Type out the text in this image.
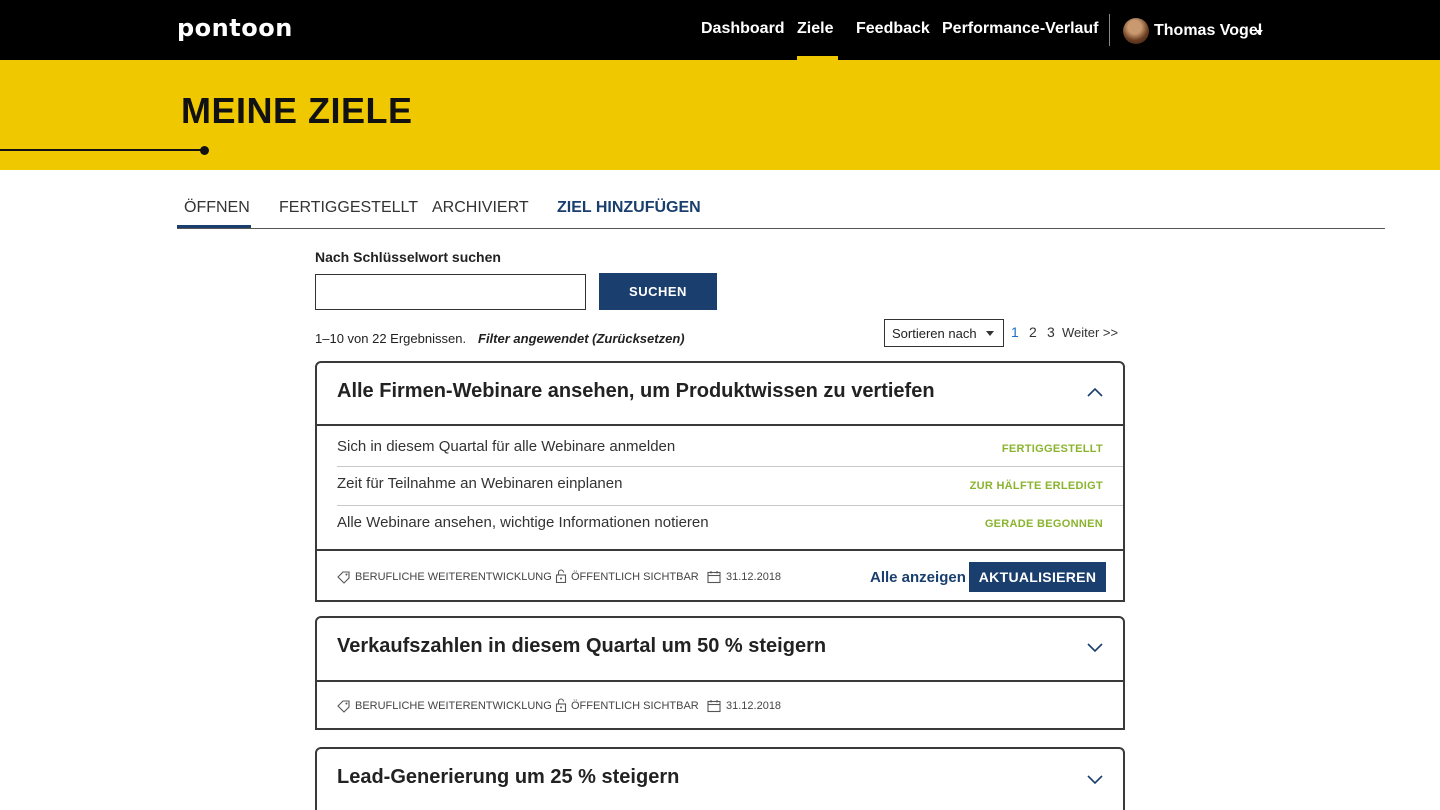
pontoon	Dashboard Ziele Feedback Performance-Verlauf	Thomas Vogel
MEINE ZIELE
ÖFFNEN FERTIGGESTELLT ARCHIVIERT ZIEL HINZUFÜGEN
Nach Schlüsselwort suchen
SUCHEN
1–10 von 22 Ergebnissen. Filter angewendet (Zurücksetzen)	Sortieren nach	1 2 3 Weiter >>
Alle Firmen-Webinare ansehen, um Produktwissen zu vertiefen
Sich in diesem Quartal für alle Webinare anmelden	FERTIGGESTELLT
Zeit für Teilnahme an Webinaren einplanen	ZUR HÄLFTE ERLEDIGT
Alle Webinare ansehen, wichtige Informationen notieren	GERADE BEGONNEN
BERUFLICHE WEITERENTWICKLUNG ÖFFENTLICH SICHTBAR 31.12.2018	Alle anzeigen AKTUALISIEREN
Verkaufszahlen in diesem Quartal um 50 % steigern
BERUFLICHE WEITERENTWICKLUNG ÖFFENTLICH SICHTBAR 31.12.2018
Lead-Generierung um 25 % steigern
